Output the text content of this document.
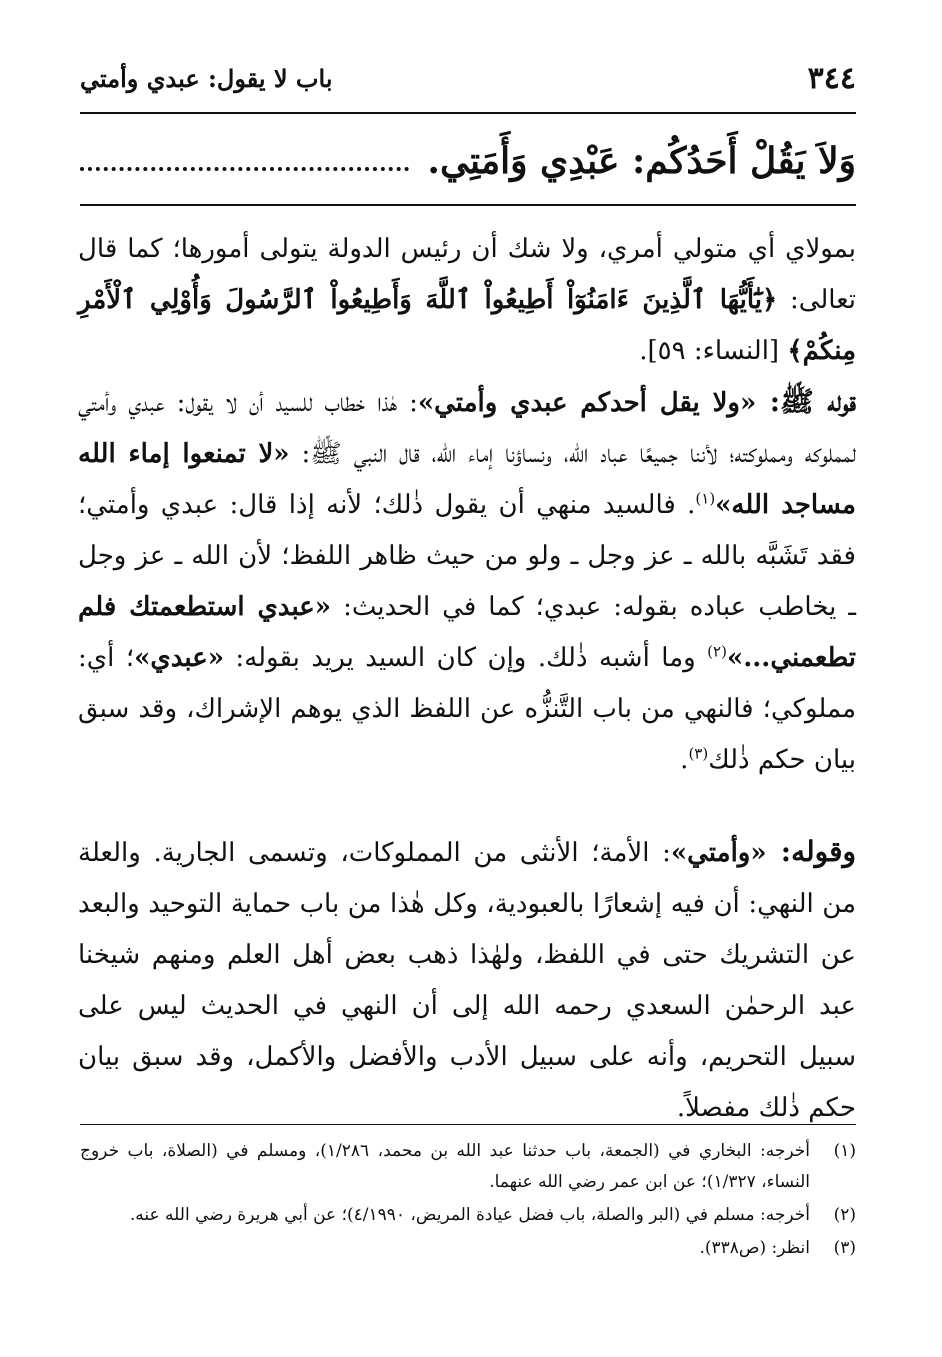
٣٤٤
باب لا يقول: عبدي وأمتي
وَلاَ يَقُلْ أَحَدُكُم: عَبْدِي وَأَمَتِي.

بمولاي أي متولي أمري، ولا شك أن رئيس الدولة يتولى أمورها؛ كما قال تعالى: ﴿يَٰٓأَيُّهَا ٱلَّذِينَ ءَامَنُوٓاْ أَطِيعُواْ ٱللَّهَ وَأَطِيعُواْ ٱلرَّسُولَ وَأُوْلِي ٱلْأَمْرِ مِنكُمْ﴾ [النساء: ٥٩].

قوله ﷺ: «ولا يقل أحدكم عبدي وأمتي»: هٰذا خطاب للسيد أن لا يقول: عبدي وأمتي لمملوكه ومملوكته؛ لأننا جميعًا عباد الله، ونساؤنا إماء الله، قال النبي ﷺ: «لا تمنعوا إماء الله مساجد الله»$^{(١)}$. فالسيد منهي أن يقول ذٰلك؛ لأنه إذا قال: عبدي وأمتي؛ فقد تَشَبَّه بالله ـ عز وجل ـ ولو من حيث ظاهر اللفظ؛ لأن الله ـ عز وجل ـ يخاطب عباده بقوله: عبدي؛ كما في الحديث: «عبدي استطعمتك فلم تطعمني...»$^{(٢)}$ وما أشبه ذٰلك. وإن كان السيد يريد بقوله: «عبدي»؛ أي: مملوكي؛ فالنهي من باب التَّنزُّه عن اللفظ الذي يوهم الإشراك، وقد سبق بيان حكم ذٰلك$^{(٣)}$.

وقوله: «وأمتي»: الأمة؛ الأنثى من المملوكات، وتسمى الجارية. والعلة من النهي: أن فيه إشعارًا بالعبودية، وكل هٰذا من باب حماية التوحيد والبعد عن التشريك حتى في اللفظ، ولهٰذا ذهب بعض أهل العلم ومنهم شيخنا عبد الرحمٰن السعدي رحمه الله إلى أن النهي في الحديث ليس على سبيل التحريم، وأنه على سبيل الأدب والأفضل والأكمل، وقد سبق بيان حكم ذٰلك مفصلاً.

(١)
أخرجه: البخاري في (الجمعة، باب حدثنا عبد الله بن محمد، ١/٢٨٦)، ومسلم في (الصلاة، باب خروج النساء، ١/٣٢٧)؛ عن ابن عمر رضي الله عنهما.
(٢)
أخرجه: مسلم في (البر والصلة، باب فضل عيادة المريض، ٤/١٩٩٠)؛ عن أبي هريرة رضي الله عنه.
(٣)
انظر: (ص٣٣٨).
